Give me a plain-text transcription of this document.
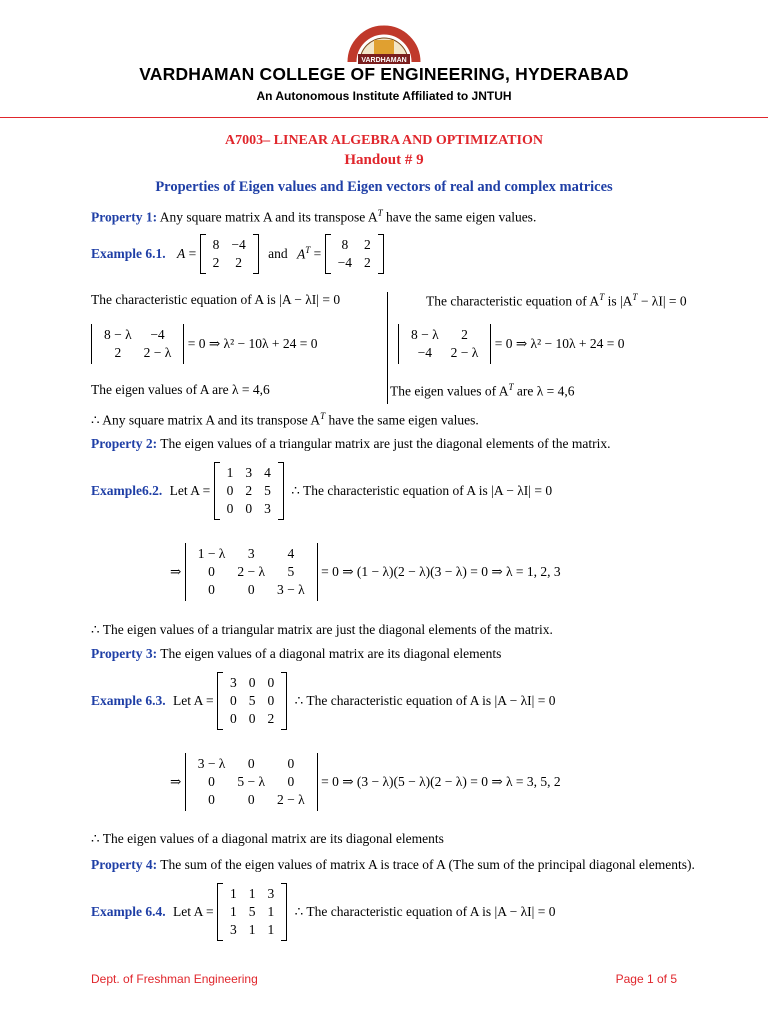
VARDHAMAN
VARDHAMAN COLLEGE OF ENGINEERING, HYDERABAD
An Autonomous Institute Affiliated to JNTUH
A7003– LINEAR ALGEBRA AND OPTIMIZATION
Handout # 9
Properties of Eigen values and Eigen vectors of real and complex matrices
Property 1: Any square matrix A and its transpose $A^T$ have the same eigen values.
Example 6.1. A =
8 −4
2	2
and $A^T$ =
8	2
−4 2
The characteristic equation of A is |A − λI| = 0	The characteristic equation of $A^T$ is $|A^T - \lambda I| = 0$
8 − λ	−4
2	2 − λ
= 0 ⇒ λ² − 10λ + 24 = 0
8 − λ	2
−4	2 − λ
= 0 ⇒ λ² − 10λ + 24 = 0
The eigen values of A are λ = 4,6	The eigen values of $A^T$ are λ = 4,6
∴ Any square matrix A and its transpose $A^T$ have the same eigen values.
Property 2: The eigen values of a triangular matrix are just the diagonal elements of the matrix.
Example6.2. Let A =
1 3 4
0 2 5
0 0 3
∴ The characteristic equation of A is |A − λI| = 0
⇒
1 − λ	3	4
0	2 − λ	5
0	0	3 − λ
= 0 ⇒ (1 − λ)(2 − λ)(3 − λ) = 0 ⇒ λ = 1, 2, 3
∴ The eigen values of a triangular matrix are just the diagonal elements of the matrix.
Property 3: The eigen values of a diagonal matrix are its diagonal elements
Example 6.3. Let A =
3 0 0
0 5 0
0 0 2
∴ The characteristic equation of A is |A − λI| = 0
⇒
3 − λ	0	0
0	5 − λ	0
0	0	2 − λ
= 0 ⇒ (3 − λ)(5 − λ)(2 − λ) = 0 ⇒ λ = 3, 5, 2
∴ The eigen values of a diagonal matrix are its diagonal elements
Property 4: The sum of the eigen values of matrix A is trace of A (The sum of the principal diagonal elements).
Example 6.4. Let A =
1 1 3
1 5 1
3 1 1
∴ The characteristic equation of A is |A − λI| = 0
Dept. of Freshman Engineering	Page 1 of 5
